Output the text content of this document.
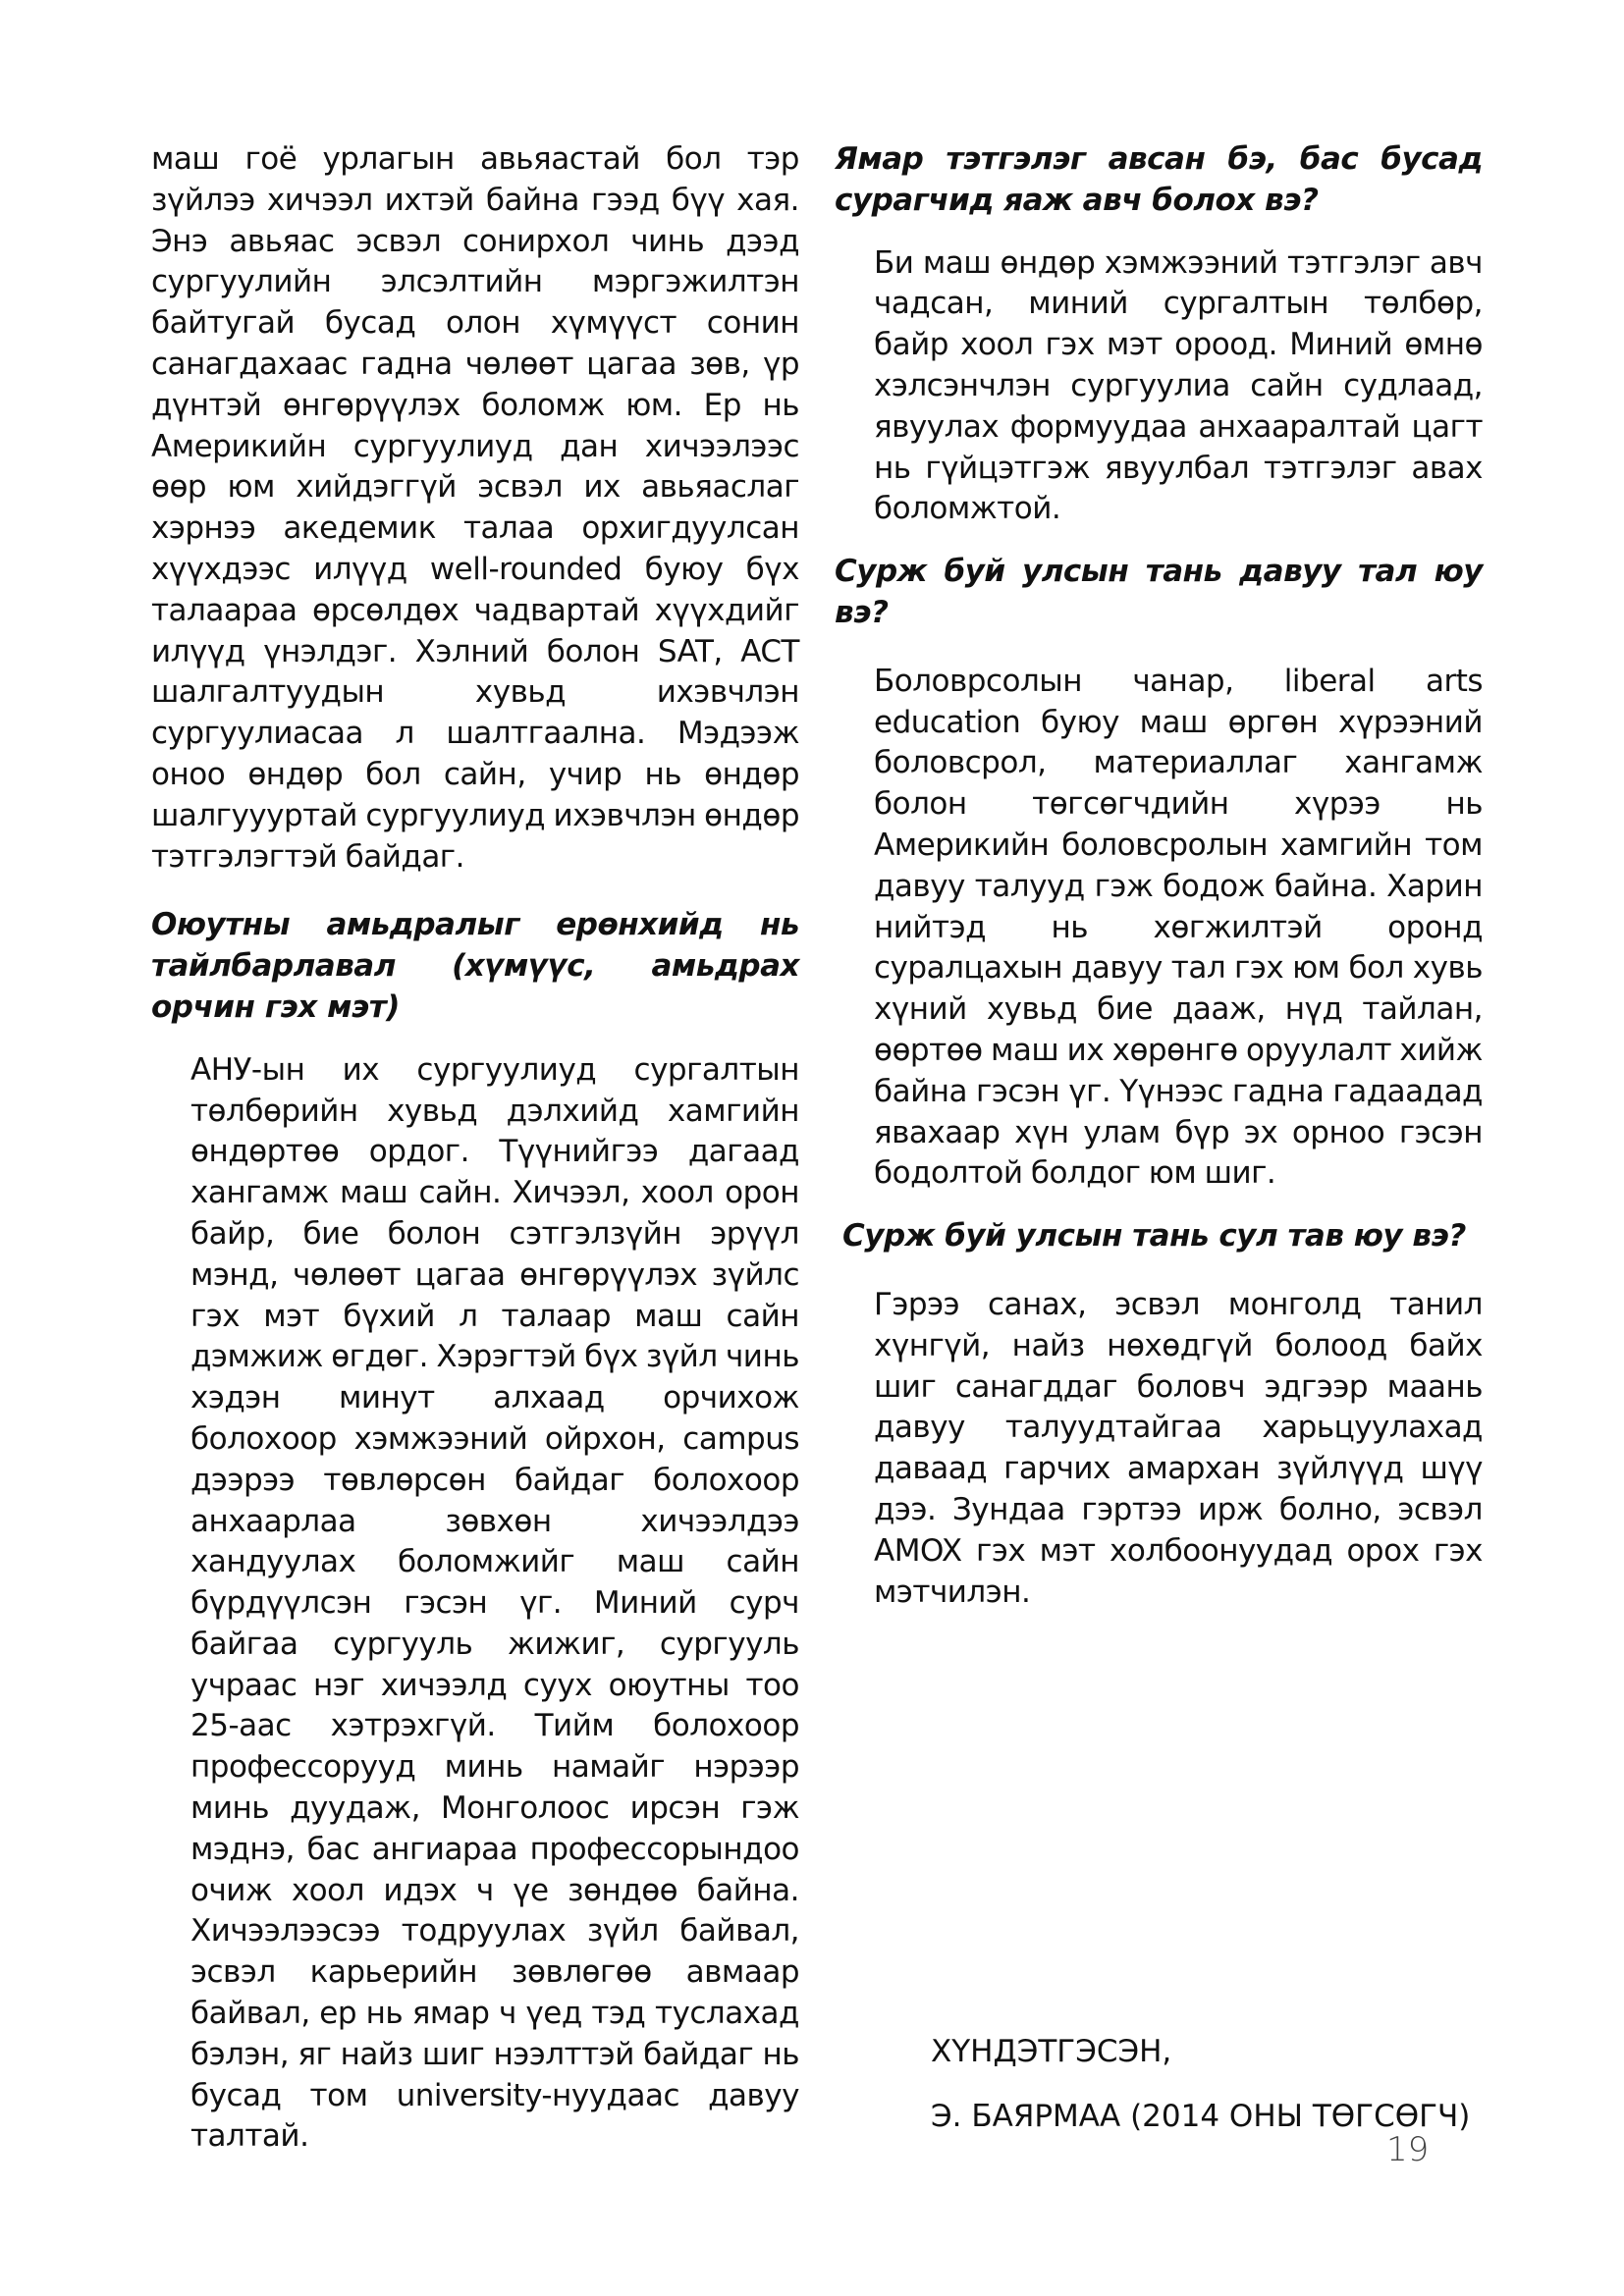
маш гоё урлагын авьяастай бол тэр зүйлээ хичээл ихтэй байна гээд бүү хая. Энэ авьяас эсвэл сонирхол чинь дээд сургуулийн элсэлтийн мэргэжилтэн байтугай бусад олон хүмүүст сонин санагдахаас гадна чөлөөт цагаа зөв, үр дүнтэй өнгөрүүлэх боломж юм. Ер нь Америкийн сургуулиуд дан хичээлээс өөр юм хийдэггүй эсвэл их авьяаслаг хэрнээ акедемик талаа орхигдуулсан хүүхдээс илүүд well-rounded буюу бүх талаараа өрсөлдөх чадвартай хүүхдийг илүүд үнэлдэг. Хэлний болон SAT, ACT шалгалтуудын хувьд ихэвчлэн сургуулиасаа л шалтгаална. Мэдээж оноо өндөр бол сайн, учир нь өндөр шалгуууртай сургуулиуд ихэвчлэн өндөр тэтгэлэгтэй байдаг.

Оюутны амьдралыг ерөнхийд нь тайлбарлавал (хүмүүс, амьдрах орчин гэх мэт)

АНУ-ын их сургуулиуд сургалтын төлбөрийн хувьд дэлхийд хамгийн өндөртөө ордог. Түүнийгээ дагаад хангамж маш сайн. Хичээл, хоол орон байр, бие болон сэтгэлзүйн эрүүл мэнд, чөлөөт цагаа өнгөрүүлэх зүйлс гэх мэт бүхий л талаар маш сайн дэмжиж өгдөг. Хэрэгтэй бүх зүйл чинь хэдэн минут алхаад орчихож болохоор хэмжээний ойрхон, campus дээрээ төвлөрсөн байдаг болохоор анхаарлаа зөвхөн хичээлдээ хандуулах боломжийг маш сайн бүрдүүлсэн гэсэн үг. Миний сурч байгаа сургууль жижиг, сургууль учраас нэг хичээлд суух оюутны тоо 25-аас хэтрэхгүй. Тийм болохоор профессорууд минь намайг нэрээр минь дуудаж, Монголоос ирсэн гэж мэднэ, бас ангиараа профессорындоо очиж хоол идэх ч үе зөндөө байна. Хичээлээсээ тодруулах зүйл байвал, эсвэл карьерийн зөвлөгөө авмаар байвал, ер нь ямар ч үед тэд туслахад бэлэн, яг найз шиг нээлттэй байдаг нь бусад том university-нуудаас давуу талтай.

Ямар тэтгэлэг авсан бэ, бас бусад сурагчид яаж авч болох вэ?

Би маш өндөр хэмжээний тэтгэлэг авч чадсан, миний сургалтын төлбөр, байр хоол гэх мэт ороод. Миний өмнө хэлсэнчлэн сургуулиа сайн судлаад, явуулах формуудаа анхааралтай цагт нь гүйцэтгэж явуулбал тэтгэлэг авах боломжтой.

Сурж буй улсын тань давуу тал юу вэ?

Боловрсолын чанар, liberal arts education буюу маш өргөн хүрээний боловсрол, материаллаг хангамж болон төгсөгчдийн хүрээ нь Америкийн боловсролын хамгийн том давуу талууд гэж бодож байна. Харин нийтэд нь хөгжилтэй оронд суралцахын давуу тал гэх юм бол хувь хүний хувьд бие дааж, нүд тайлан, өөртөө маш их хөрөнгө оруулалт хийж байна гэсэн үг. Үүнээс гадна гадаадад явахаар хүн улам бүр эх орноо гэсэн бодолтой болдог юм шиг.

Сурж буй улсын тань сул тав юу вэ?

Гэрээ санах, эсвэл монголд танил хүнгүй, найз нөхөдгүй болоод байх шиг санагддаг боловч эдгээр маань давуу талуудтайгаа харьцуулахад даваад гарчих амархан зүйлүүд шүү дээ. Зундаа гэртээ ирж болно, эсвэл AMOX гэх мэт холбоонуудад орох гэх мэтчилэн.

ХҮНДЭТГЭСЭН,
Э. БАЯРМАА (2014 ОНЫ ТӨГСӨГЧ)
19
